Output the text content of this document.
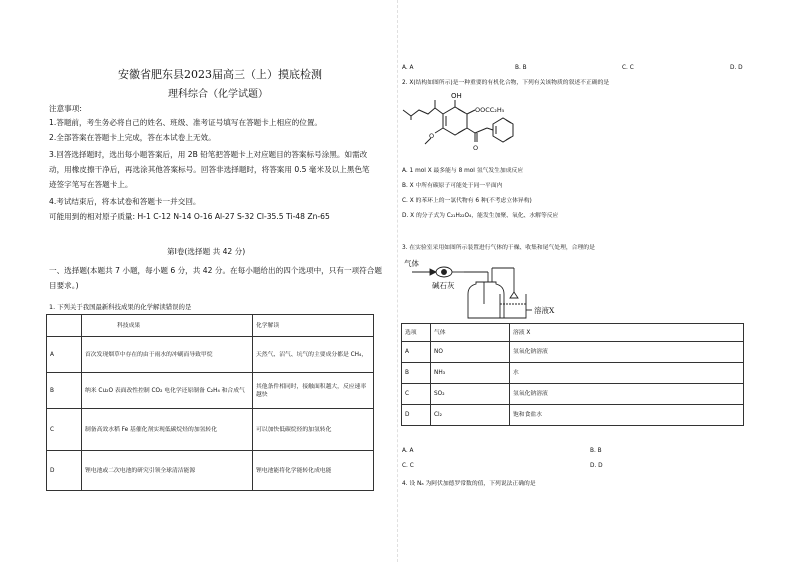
安徽省肥东县2023届高三（上）摸底检测
理科综合（化学试题）
注意事项:
1.答题前，考生务必将自己的姓名、班级、准考证号填写在答题卡上相应的位置。
2.全部答案在答题卡上完成，答在本试卷上无效。
3.回答选择题时，选出每小题答案后，用 2B 铅笔把答题卡上对应题目的答案标号涂黑。如需改
动，用橡皮擦干净后，再选涂其他答案标号。回答非选择题时，将答案用 0.5 毫米及以上黑色笔
迹签字笔写在答题卡上。
4.考试结束后，将本试卷和答题卡一并交回。
可能用到的相对原子质量: H-1 C-12 N-14 O-16 Al-27 S-32 Cl-35.5 Ti-48 Zn-65
第Ⅰ卷(选择题 共 42 分)
一、选择题(本题共 7 小题，每小题 6 分，共 42 分。在每小题给出的四个选项中，只有一项符合题
目要求。)
1. 下列关于我国最新科技成果的化学解读错误的是
	科技成果	化学解读
A	首次发现烟草中存在的由于雨水的冲刷而导致甲烷	天然气、沼气、坑气的主要成分都是 CH₄，
B	纳米 Cu₂O 表面改性控制 CO₂ 电化学还原制备 C₂H₄ 和合成气	其他条件相同时，接触面积越大，反应速率越快
C	制备高效水稻 Fe 基催化剂实现低碳烷烃的加氢转化	可以加快低碳烷烃的加氢转化
D	锂电池或二次电池的研究引领全球清洁能源	锂电池能将化学能转化成电能
A. A	B. B	C. C	D. D
2. X(结构如图所示)是一种重要的有机化合物，下列有关该物质的叙述不正确的是
OH
OOCC₂H₅
O
O
A. 1 mol X 最多能与 8 mol 氢气发生加成反应
B. X 中所有碳原子可能处于同一平面内
C. X 的苯环上的一氯代物有 6 种(不考虑立体异构)
D. X 的分子式为 C₂₁H₂₂O₄，能发生加聚、氧化、水解等反应
3. 在实验室采用如图所示装置进行气体的干燥、收集和尾气处理，合理的是
气体
碱石灰
溶液X
选项	气体	溶液 X
A	NO	氢氧化钠溶液
B	NH₃	水
C	SO₂	氢氧化钠溶液
D	Cl₂	饱和食盐水
A. A	B. B
C. C	D. D
4. 设 Nₐ 为阿伏加德罗常数的值，下列说法正确的是
